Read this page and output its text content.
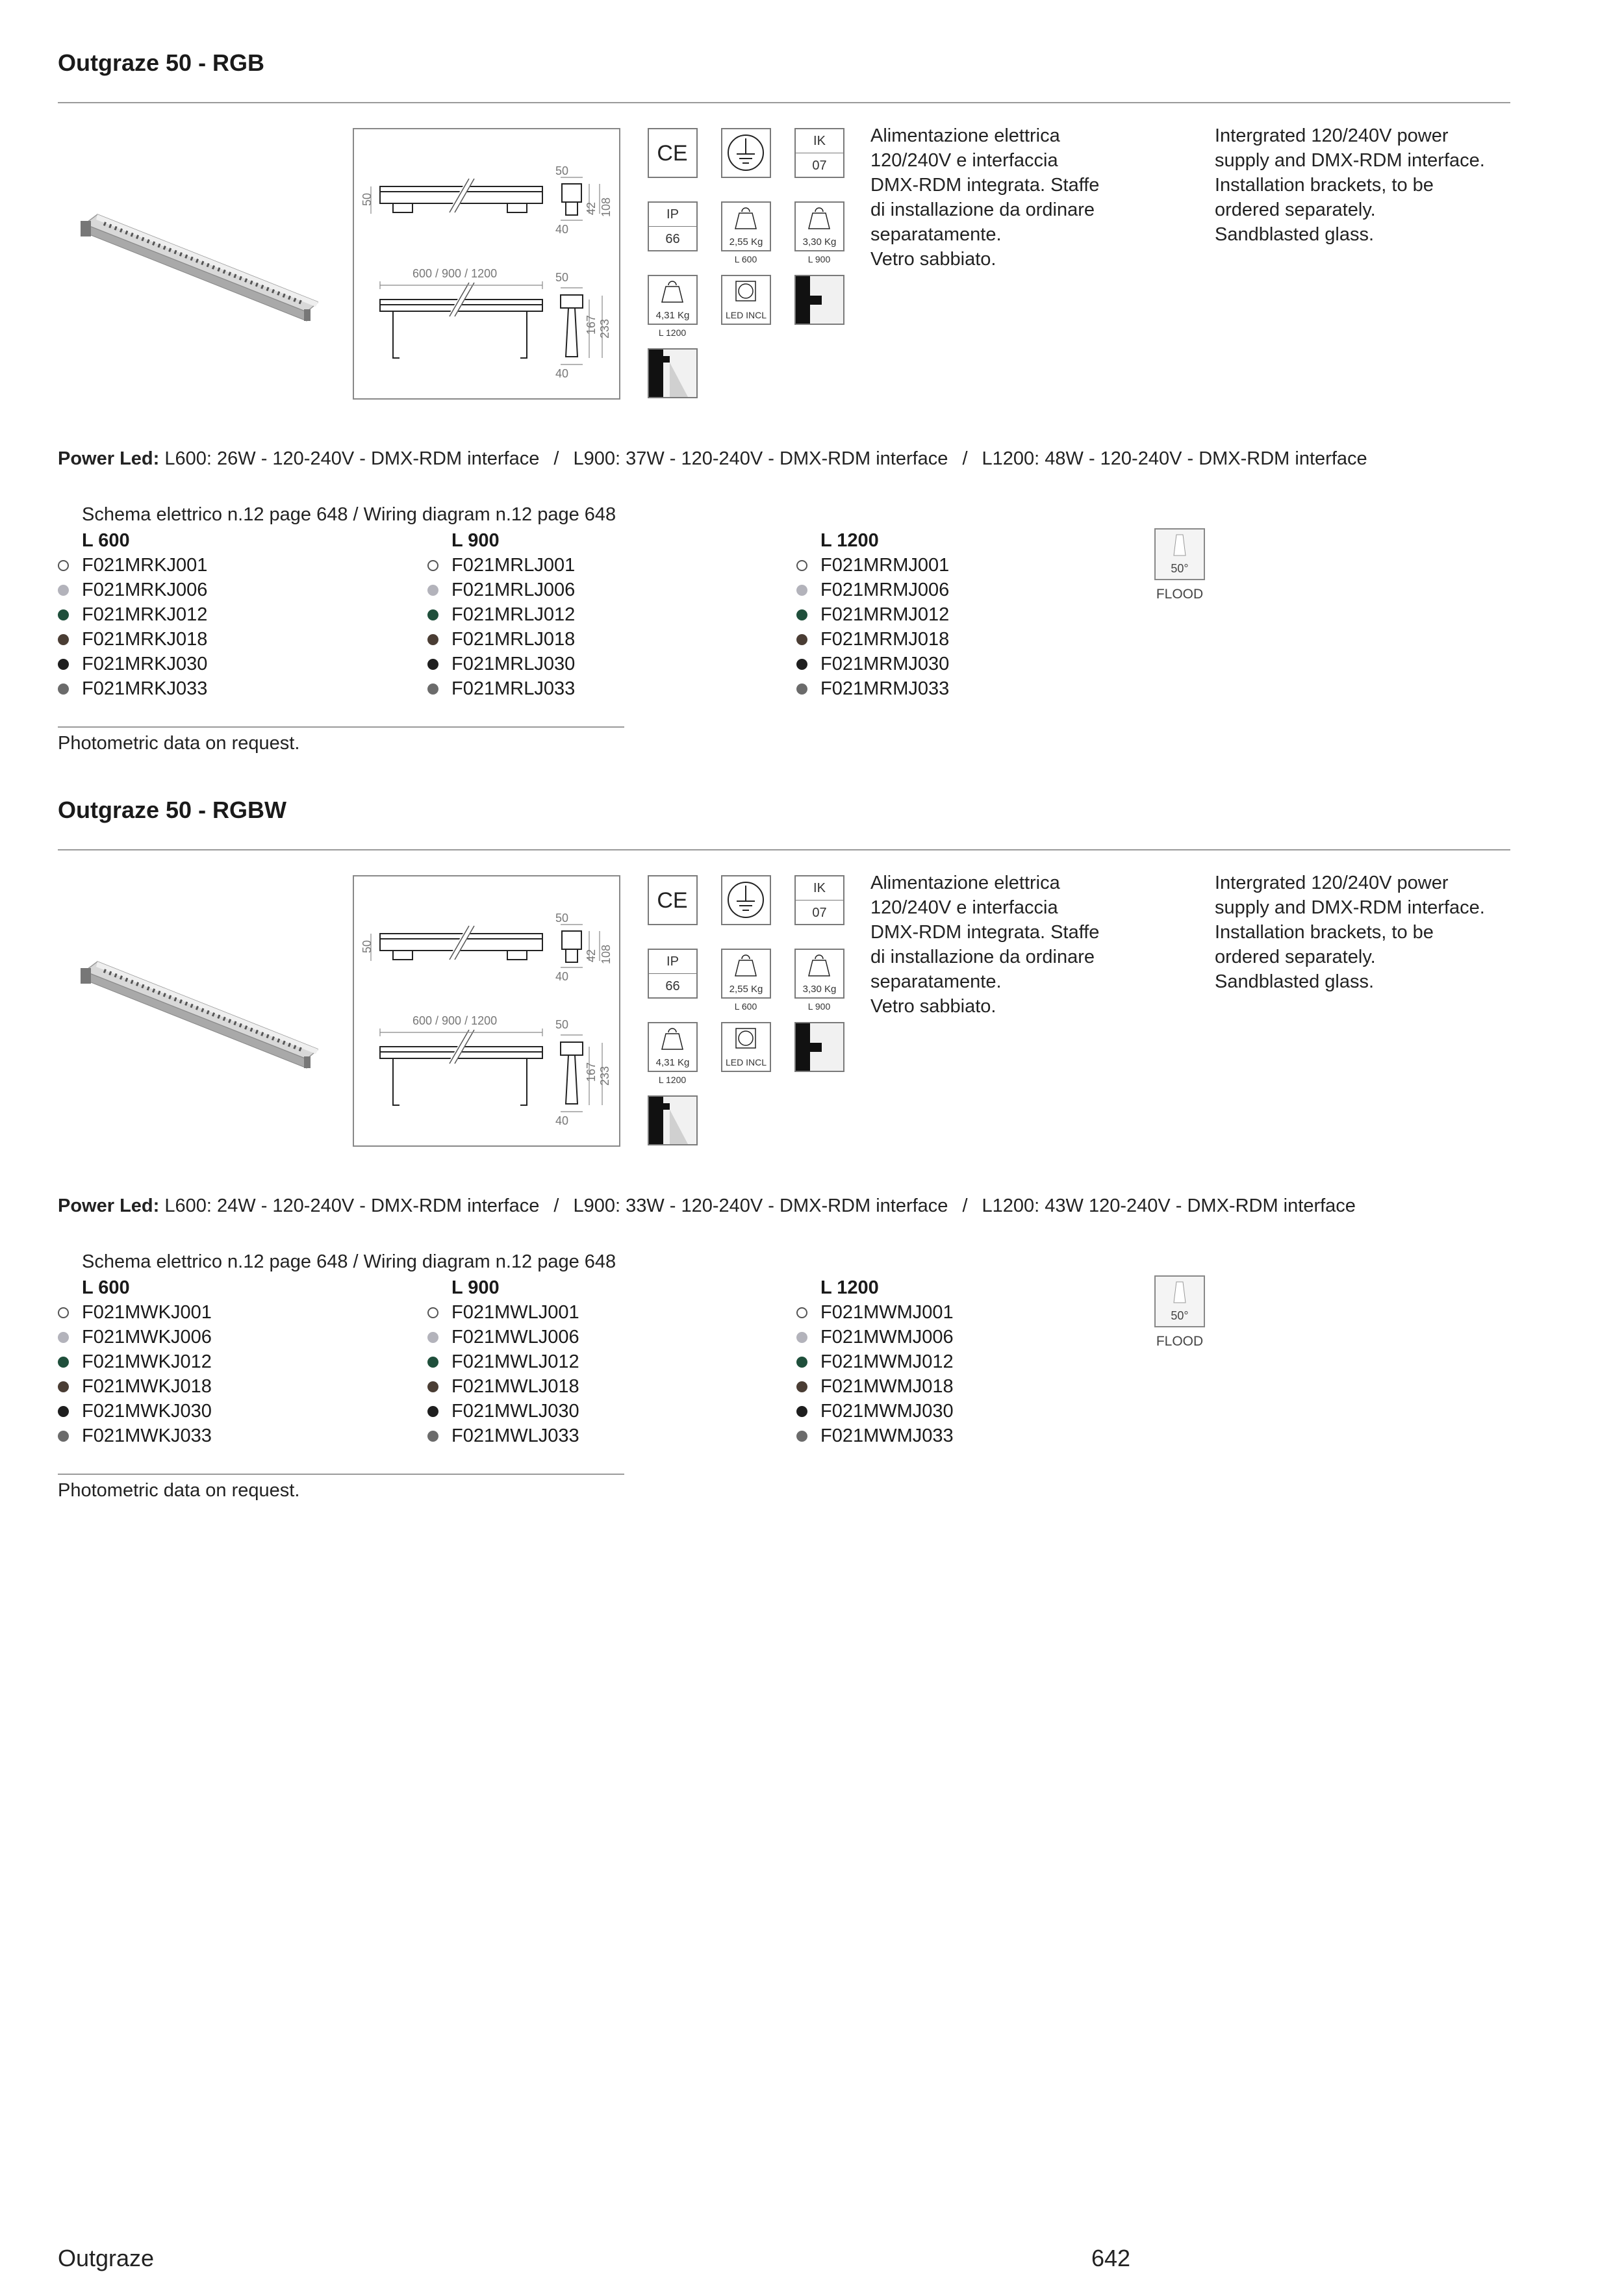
Outgraze 50 - RGB
50
50
42 108
40
600 / 900 / 1200	50
167 233
40
CE	IK
07
IP
66	2,55 Kg
L 600
3,30 Kg
L 900
4,31 Kg
L 1200
LED INCL
Alimentazione elettrica
120/240V e interfaccia
DMX-RDM integrata. Staffe
di installazione da ordinare
separatamente.
Vetro sabbiato.
Intergrated 120/240V power
supply and DMX-RDM interface.
Installation brackets, to be
ordered separately.
Sandblasted glass.
Power Led: L600: 26W - 120-240V - DMX-RDM interface / L900: 37W - 120-240V - DMX-RDM interface / L1200: 48W - 120-240V - DMX-RDM interface
Schema elettrico n.12 page 648 / Wiring diagram n.12 page 648
L 600
F021MRKJ001
F021MRKJ006
F021MRKJ012
F021MRKJ018
F021MRKJ030
F021MRKJ033
L 900
F021MRLJ001
F021MRLJ006
F021MRLJ012
F021MRLJ018
F021MRLJ030
F021MRLJ033
L 1200
F021MRMJ001
F021MRMJ006
F021MRMJ012
F021MRMJ018
F021MRMJ030
F021MRMJ033
50°
FLOOD
Photometric data on request.
Outgraze 50 - RGBW
50
50
42 108
40
600 / 900 / 1200	50
167 233
40
CE	IK
07
IP
66	2,55 Kg
L 600
3,30 Kg
L 900
4,31 Kg
L 1200
LED INCL
Alimentazione elettrica
120/240V e interfaccia
DMX-RDM integrata. Staffe
di installazione da ordinare
separatamente.
Vetro sabbiato.
Intergrated 120/240V power
supply and DMX-RDM interface.
Installation brackets, to be
ordered separately.
Sandblasted glass.
Power Led: L600: 24W - 120-240V - DMX-RDM interface / L900: 33W - 120-240V - DMX-RDM interface / L1200: 43W 120-240V - DMX-RDM interface
Schema elettrico n.12 page 648 / Wiring diagram n.12 page 648
L 600
F021MWKJ001
F021MWKJ006
F021MWKJ012
F021MWKJ018
F021MWKJ030
F021MWKJ033
L 900
F021MWLJ001
F021MWLJ006
F021MWLJ012
F021MWLJ018
F021MWLJ030
F021MWLJ033
L 1200
F021MWMJ001
F021MWMJ006
F021MWMJ012
F021MWMJ018
F021MWMJ030
F021MWMJ033
50°
FLOOD
Photometric data on request.
Outgraze	642
